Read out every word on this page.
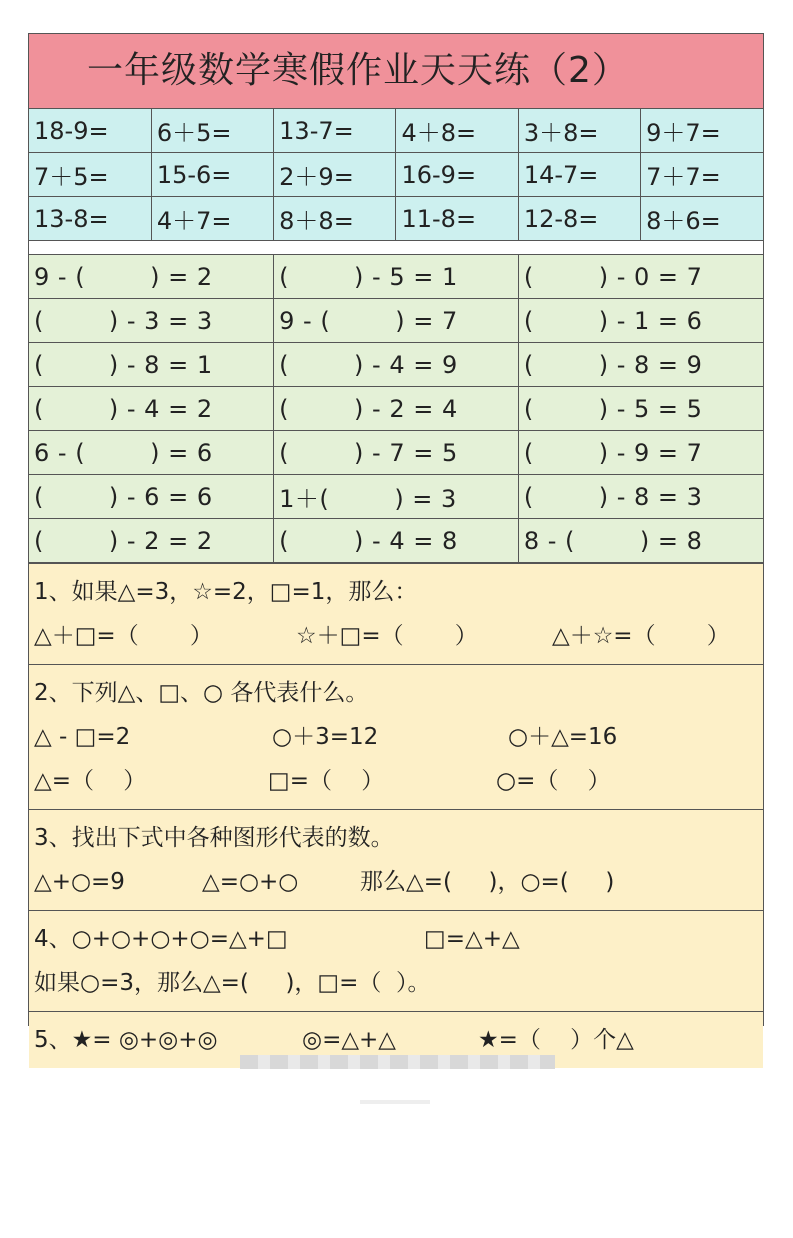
一年级数学寒假作业天天练（2）
18-9=	6＋5=	13-7=	4＋8=	3＋8=	9＋7=
7＋5=	15-6=	2＋9=	16-9=	14-7=	7＋7=
13-8=	4＋7=	8＋8=	11-8=	12-8=	8＋6=
9 - (        ) = 2	(        ) - 5 = 1	(        ) - 0 = 7
(        ) - 3 = 3	9 - (        ) = 7	(        ) - 1 = 6
(        ) - 8 = 1	(        ) - 4 = 9	(        ) - 8 = 9
(        ) - 4 = 2	(        ) - 2 = 4	(        ) - 5 = 5
6 - (        ) = 6	(        ) - 7 = 5	(        ) - 9 = 7
(        ) - 6 = 6	1＋(        ) = 3	(        ) - 8 = 3
(        ) - 2 = 2	(        ) - 4 = 8	8 - (        ) = 8
1、如果△=3，☆=2，□=1，那么：

△＋□=（       ）

	☆＋□=（       ）

	△＋☆=（       ）

2、下列△、□、○ 各代表什么。

△ - □=2

	○＋3=12

	○＋△=16

△=（    ）

	□=（    ）

	○=（    ）

3、找出下式中各种图形代表的数。

△+○=9

	△=○+○

	那么△=(     )，○=(     )

4、○+○+○+○=△+□

	□=△+△

如果○=3，那么△=(     )，□=（  ）。

5、★= ◎+◎+◎

	◎=△+△

	★=（    ）个△
